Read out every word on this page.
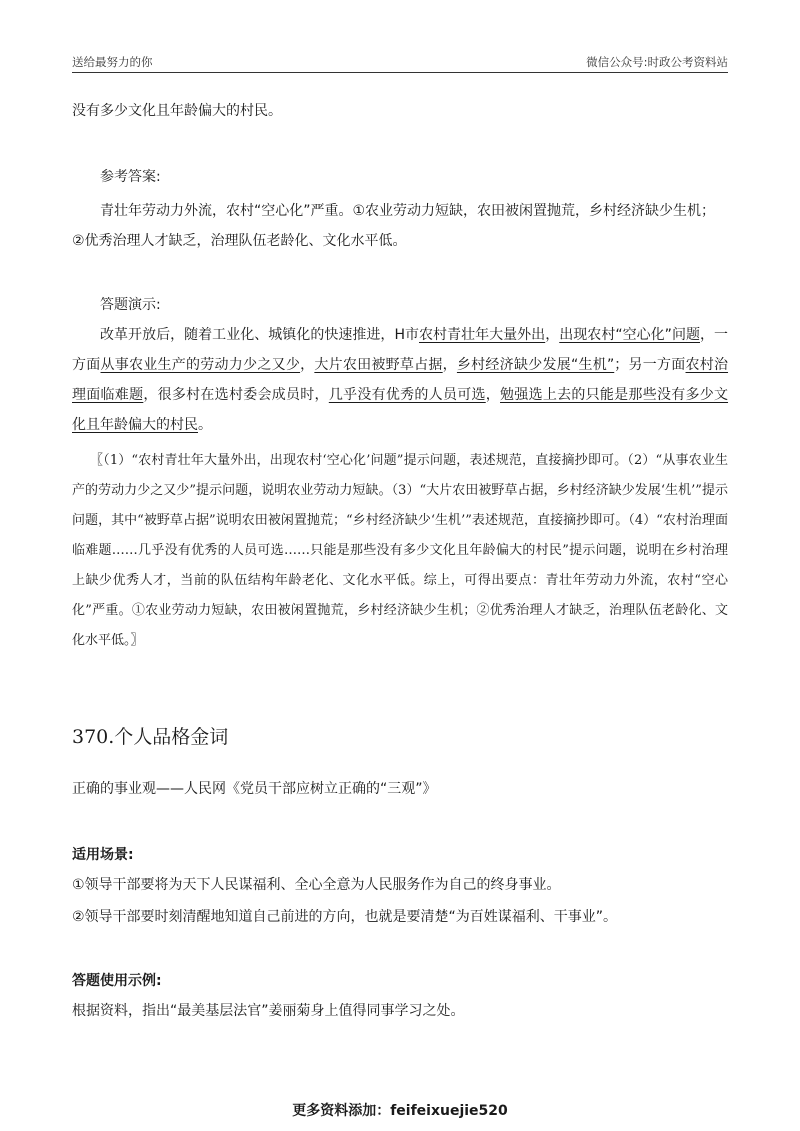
送给最努力的你	微信公众号:时政公考资料站

没有多少文化且年龄偏大的村民。

参考答案:

青壮年劳动力外流，农村“空心化”严重。①农业劳动力短缺，农田被闲置抛荒，乡村经济缺少生机；

②优秀治理人才缺乏，治理队伍老龄化、文化水平低。

答题演示:

改革开放后，随着工业化、城镇化的快速推进，H市农村青壮年大量外出，出现农村“空心化”问题，一方面从事农业生产的劳动力少之又少，大片农田被野草占据，乡村经济缺少发展“生机”；另一方面农村治理面临难题，很多村在选村委会成员时，几乎没有优秀的人员可选，勉强选上去的只能是那些没有多少文化且年龄偏大的村民。

〖（1）“农村青壮年大量外出，出现农村‘空心化’问题”提示问题，表述规范，直接摘抄即可。（2）“从事农业生产的劳动力少之又少”提示问题，说明农业劳动力短缺。（3）“大片农田被野草占据，乡村经济缺少发展‘生机’”提示问题，其中“被野草占据”说明农田被闲置抛荒；“乡村经济缺少‘生机’”表述规范，直接摘抄即可。（4）“农村治理面临难题……几乎没有优秀的人员可选……只能是那些没有多少文化且年龄偏大的村民”提示问题，说明在乡村治理上缺少优秀人才，当前的队伍结构年龄老化、文化水平低。综上，可得出要点：青壮年劳动力外流，农村“空心化”严重。①农业劳动力短缺，农田被闲置抛荒，乡村经济缺少生机；②优秀治理人才缺乏，治理队伍老龄化、文化水平低。〗

370.个人品格金词

正确的事业观——人民网《党员干部应树立正确的“三观”》

适用场景:

①领导干部要将为天下人民谋福利、全心全意为人民服务作为自己的终身事业。

②领导干部要时刻清醒地知道自己前进的方向，也就是要清楚“为百姓谋福利、干事业”。

答题使用示例:

根据资料，指出“最美基层法官”姜丽菊身上值得同事学习之处。

更多资料添加：feifeixuejie520
